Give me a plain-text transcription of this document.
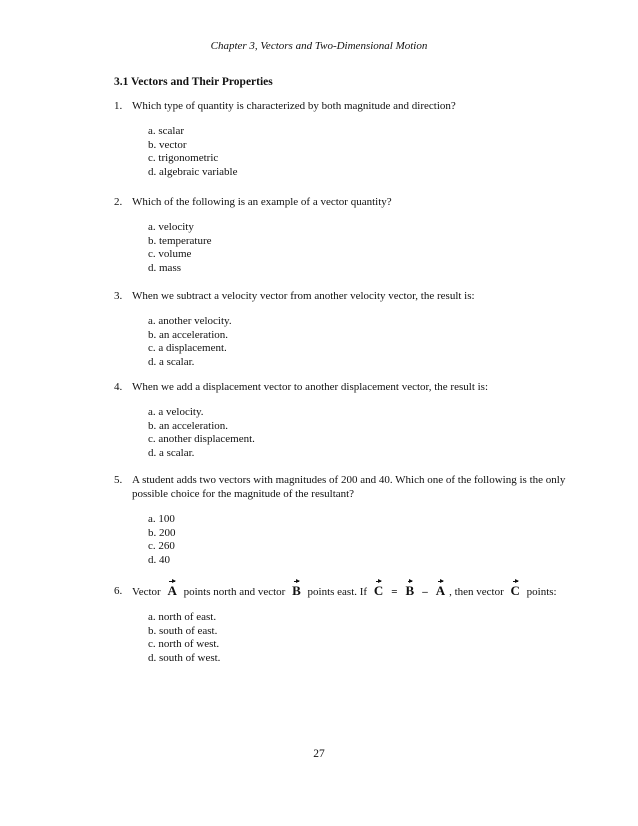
Chapter 3, Vectors and Two-Dimensional Motion
3.1 Vectors and Their Properties
1. Which type of quantity is characterized by both magnitude and direction?
a. scalar
b. vector
c. trigonometric
d. algebraic variable
2. Which of the following is an example of a vector quantity?
a. velocity
b. temperature
c. volume
d. mass
3. When we subtract a velocity vector from another velocity vector, the result is:
a. another velocity.
b. an acceleration.
c. a displacement.
d. a scalar.
4. When we add a displacement vector to another displacement vector, the result is:
a. a velocity.
b. an acceleration.
c. another displacement.
d. a scalar.
5. A student adds two vectors with magnitudes of 200 and 40. Which one of the following is the only possible choice for the magnitude of the resultant?
a. 100
b. 200
c. 260
d. 40
6. Vector A points north and vector B points east. If C = B – A , then vector C points:
a. north of east.
b. south of east.
c. north of west.
d. south of west.
27
